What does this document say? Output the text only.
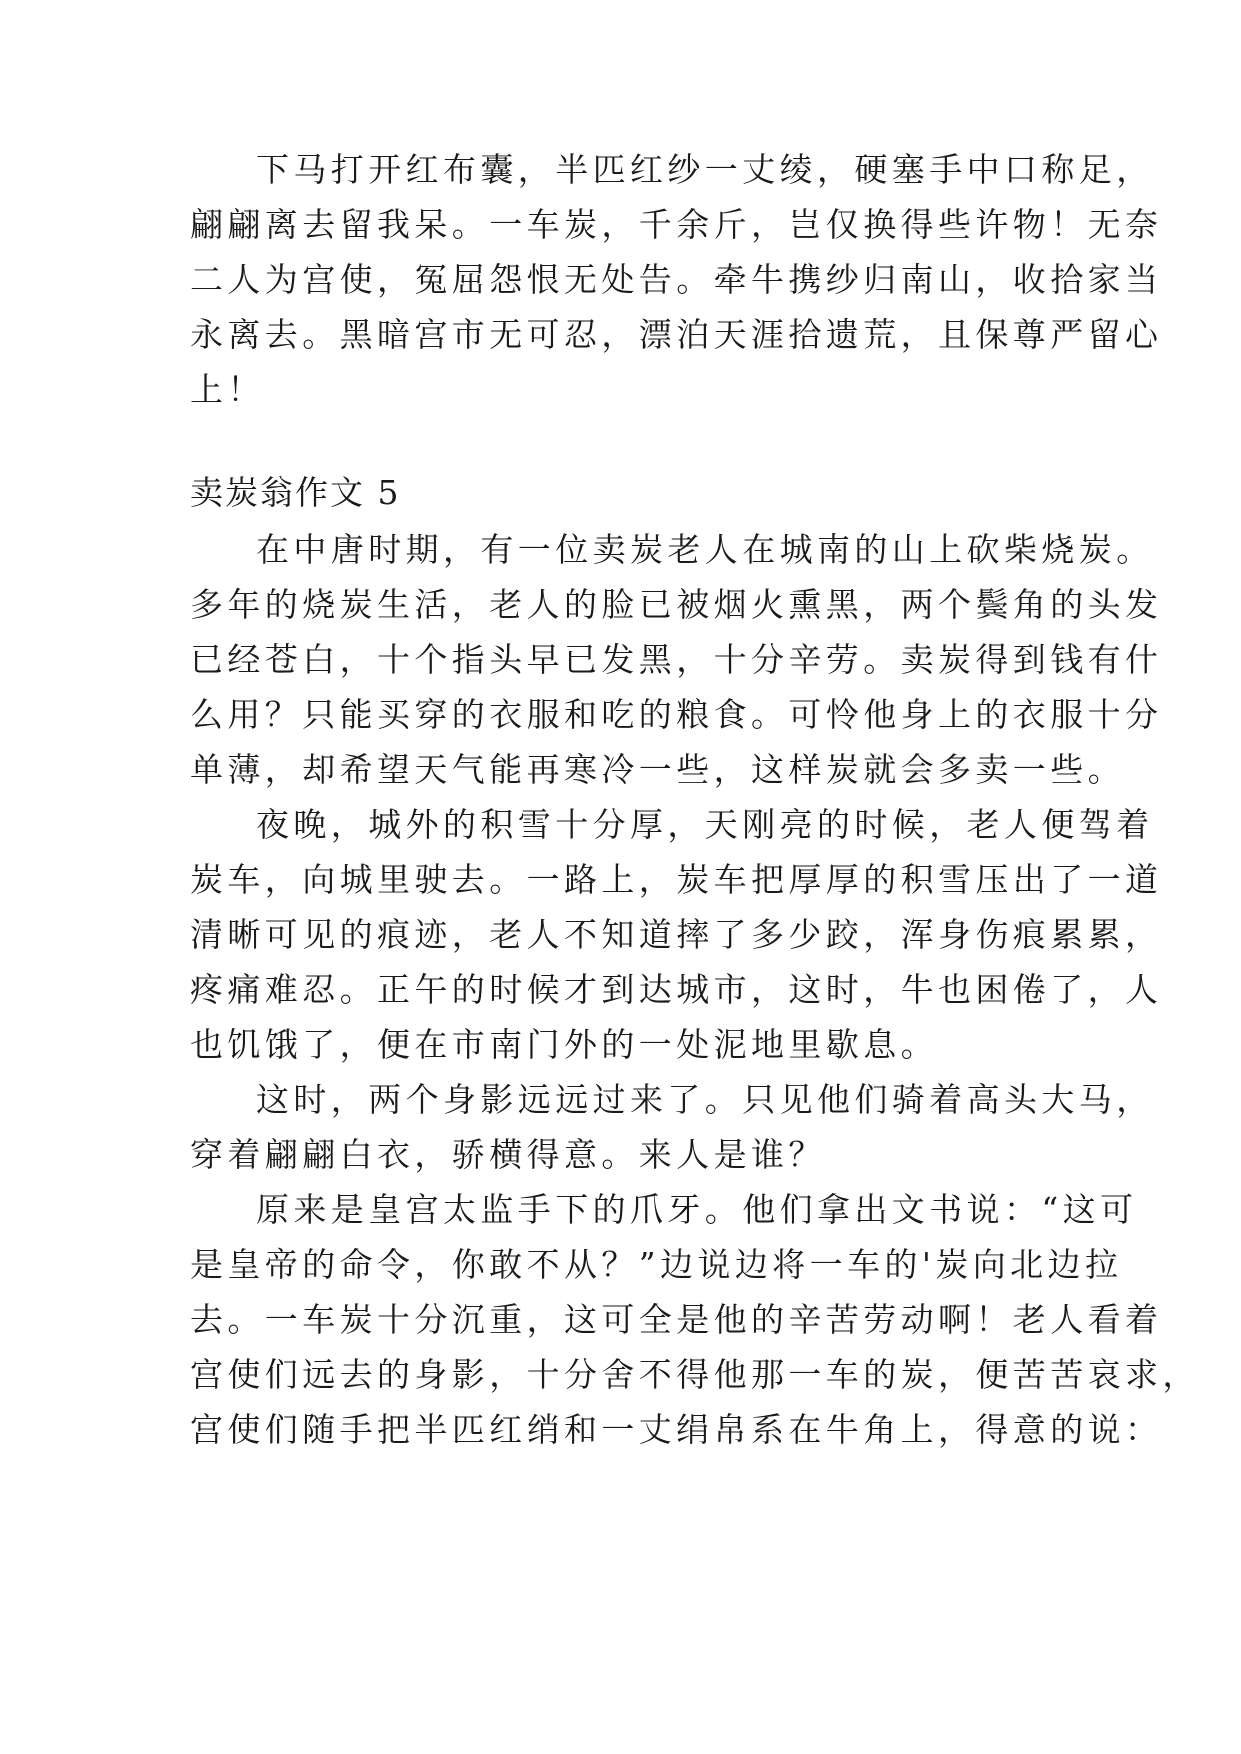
下马打开红布囊，半匹红纱一丈绫，硬塞手中口称足，
翩翩离去留我呆。一车炭，千余斤，岂仅换得些许物！无奈
二人为宫使，冤屈怨恨无处告。牵牛携纱归南山，收拾家当
永离去。黑暗宫市无可忍，漂泊天涯拾遗荒，且保尊严留心
上！
卖炭翁作文 5
在中唐时期，有一位卖炭老人在城南的山上砍柴烧炭。
多年的烧炭生活，老人的脸已被烟火熏黑，两个鬓角的头发
已经苍白，十个指头早已发黑，十分辛劳。卖炭得到钱有什
么用？只能买穿的衣服和吃的粮食。可怜他身上的衣服十分
单薄，却希望天气能再寒冷一些，这样炭就会多卖一些。
夜晚，城外的积雪十分厚，天刚亮的时候，老人便驾着
炭车，向城里驶去。一路上，炭车把厚厚的积雪压出了一道
清晰可见的痕迹，老人不知道摔了多少跤，浑身伤痕累累，
疼痛难忍。正午的时候才到达城市，这时，牛也困倦了，人
也饥饿了，便在市南门外的一处泥地里歇息。
这时，两个身影远远过来了。只见他们骑着高头大马，
穿着翩翩白衣，骄横得意。来人是谁？
原来是皇宫太监手下的爪牙。他们拿出文书说：“这可
是皇帝的命令，你敢不从？”边说边将一车的'炭向北边拉
去。一车炭十分沉重，这可全是他的辛苦劳动啊！老人看着
宫使们远去的身影，十分舍不得他那一车的炭，便苦苦哀求，
宫使们随手把半匹红绡和一丈绢帛系在牛角上，得意的说：
